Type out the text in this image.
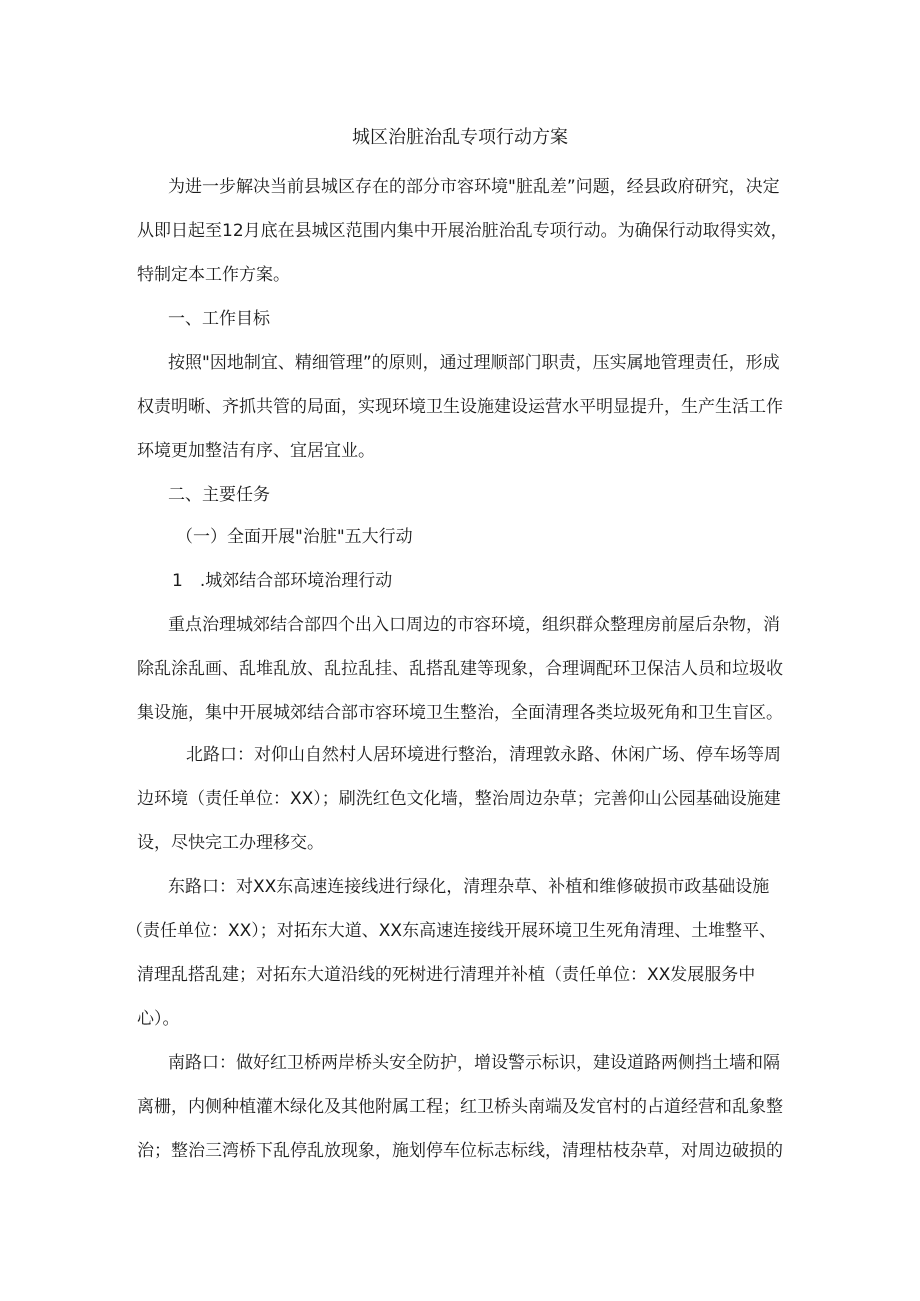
城区治脏治乱专项行动方案
为进一步解决当前县城区存在的部分市容环境"脏乱差”问题，经县政府研究，决定
从即日起至12月底在县城区范围内集中开展治脏治乱专项行动。为确保行动取得实效，
特制定本工作方案。
一、工作目标
按照"因地制宜、精细管理”的原则，通过理顺部门职责，压实属地管理责任，形成
权责明晰、齐抓共管的局面，实现环境卫生设施建设运营水平明显提升，生产生活工作
环境更加整洁有序、宜居宜业。
二、主要任务
（一）全面开展"治脏"五大行动
1　.城郊结合部环境治理行动
重点治理城郊结合部四个出入口周边的市容环境，组织群众整理房前屋后杂物，消
除乱涂乱画、乱堆乱放、乱拉乱挂、乱搭乱建等现象，合理调配环卫保洁人员和垃圾收
集设施，集中开展城郊结合部市容环境卫生整治，全面清理各类垃圾死角和卫生盲区。
北路口：对仰山自然村人居环境进行整治，清理敦永路、休闲广场、停车场等周
边环境（责任单位：XX）；刷洗红色文化墙，整治周边杂草；完善仰山公园基础设施建
设，尽快完工办理移交。
东路口：对XX东高速连接线进行绿化，清理杂草、补植和维修破损市政基础设施
（责任单位：XX）；对拓东大道、XX东高速连接线开展环境卫生死角清理、土堆整平、
清理乱搭乱建；对拓东大道沿线的死树进行清理并补植（责任单位：XX发展服务中
心）。
南路口：做好红卫桥两岸桥头安全防护，增设警示标识，建设道路两侧挡土墙和隔
离栅，内侧种植灌木绿化及其他附属工程；红卫桥头南端及发官村的占道经营和乱象整
治；整治三湾桥下乱停乱放现象，施划停车位标志标线，清理枯枝杂草，对周边破损的
